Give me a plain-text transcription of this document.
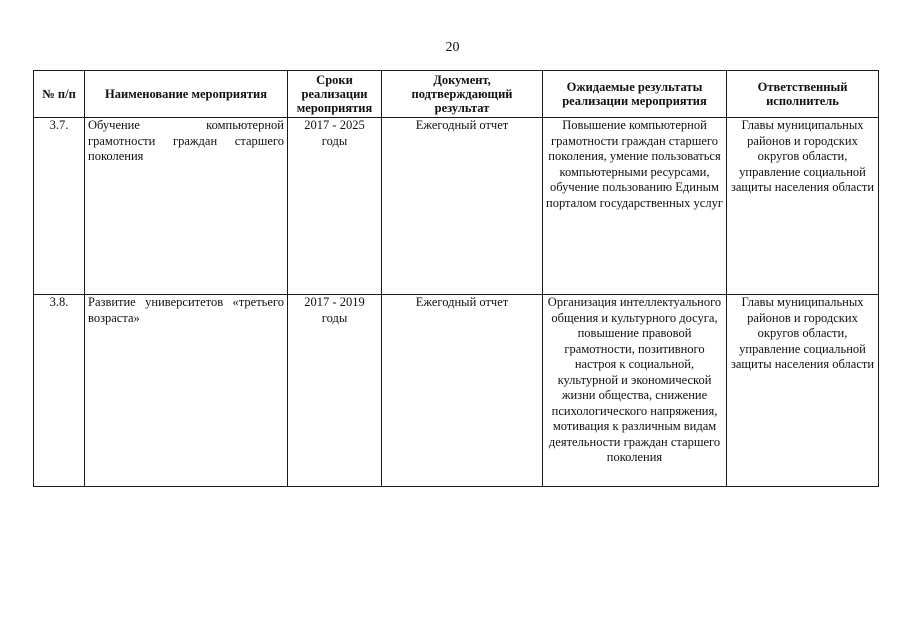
20
№ п/п	Наименование мероприятия	Сроки реализации мероприятия	Документ, подтверждающий результат	Ожидаемые результаты реализации мероприятия	Ответственный исполнитель
3.7.	Обучение компьютерной грамотности граждан старшего поколения	2017 - 2025 годы	Ежегодный отчет	Повышение компьютерной грамотности граждан старшего поколения, умение пользоваться компьютерными ресурсами, обучение пользованию Единым порталом государственных услуг	Главы муниципальных районов и городских округов области, управление социальной защиты населения области
3.8.	Развитие университетов «третьего возраста»	2017 - 2019 годы	Ежегодный отчет	Организация интеллектуального общения и культурного досуга, повышение правовой грамотности, позитивного настроя к социальной, культурной и экономической жизни общества, снижение психологического напряжения, мотивация к различным видам деятельности граждан старшего поколения	Главы муниципальных районов и городских округов области, управление социальной защиты населения области
